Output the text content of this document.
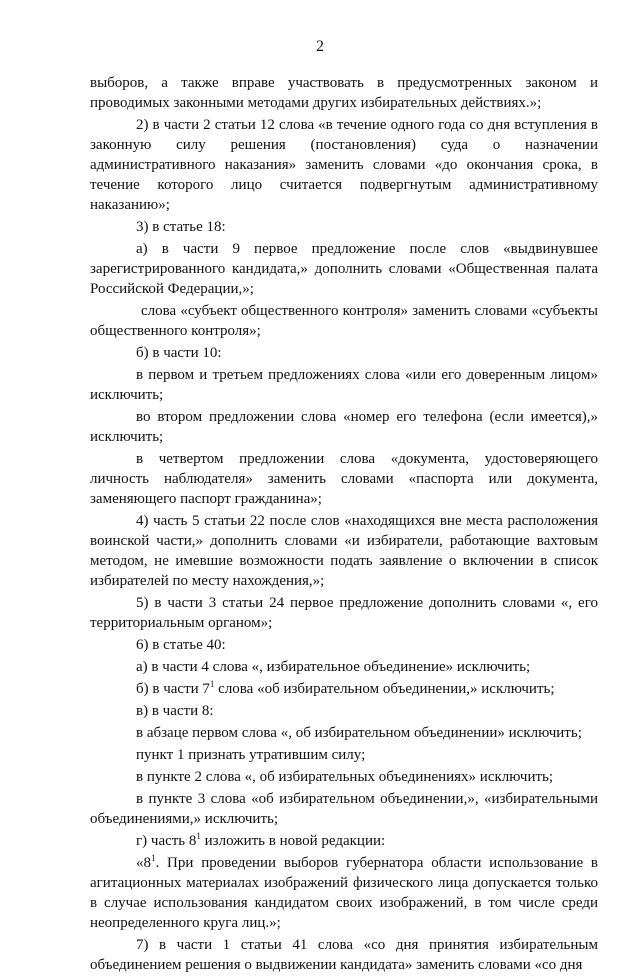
2

выборов, а также вправе участвовать в предусмотренных законом и проводимых законными методами других избирательных действиях.»;

2) в части 2 статьи 12 слова «в течение одного года со дня вступления в законную силу решения (постановления) суда о назначении административного наказания» заменить словами «до окончания срока, в течение которого лицо считается подвергнутым административному наказанию»;

3) в статье 18:

а) в части 9 первое предложение после слов «выдвинувшее зарегистрированного кандидата,» дополнить словами «Общественная палата Российской Федерации,»;

слова «субъект общественного контроля» заменить словами «субъекты общественного контроля»;

б) в части 10:

в первом и третьем предложениях слова «или его доверенным лицом» исключить;

во втором предложении слова «номер его телефона (если имеется),» исключить;

в четвертом предложении слова «документа, удостоверяющего личность наблюдателя» заменить словами «паспорта или документа, заменяющего паспорт гражданина»;

4) часть 5 статьи 22 после слов «находящихся вне места расположения воинской части,» дополнить словами «и избиратели, работающие вахтовым методом, не имевшие возможности подать заявление о включении в список избирателей по месту нахождения,»;

5) в части 3 статьи 24 первое предложение дополнить словами «, его территориальным органом»;

6) в статье 40:

а) в части 4 слова «, избирательное объединение» исключить;

б) в части $7^1$ слова «об избирательном объединении,» исключить;

в) в части 8:

в абзаце первом слова «, об избирательном объединении» исключить;

пункт 1 признать утратившим силу;

в пункте 2 слова «, об избирательных объединениях» исключить;

в пункте 3 слова «об избирательном объединении,», «избирательными объединениями,» исключить;

г) часть $8^1$ изложить в новой редакции:

«$8^1$. При проведении выборов губернатора области использование в агитационных материалах изображений физического лица допускается только в случае использования кандидатом своих изображений, в том числе среди неопределенного круга лиц.»;

7) в части 1 статьи 41 слова «со дня принятия избирательным объединением решения о выдвижении кандидата» заменить словами «со дня
